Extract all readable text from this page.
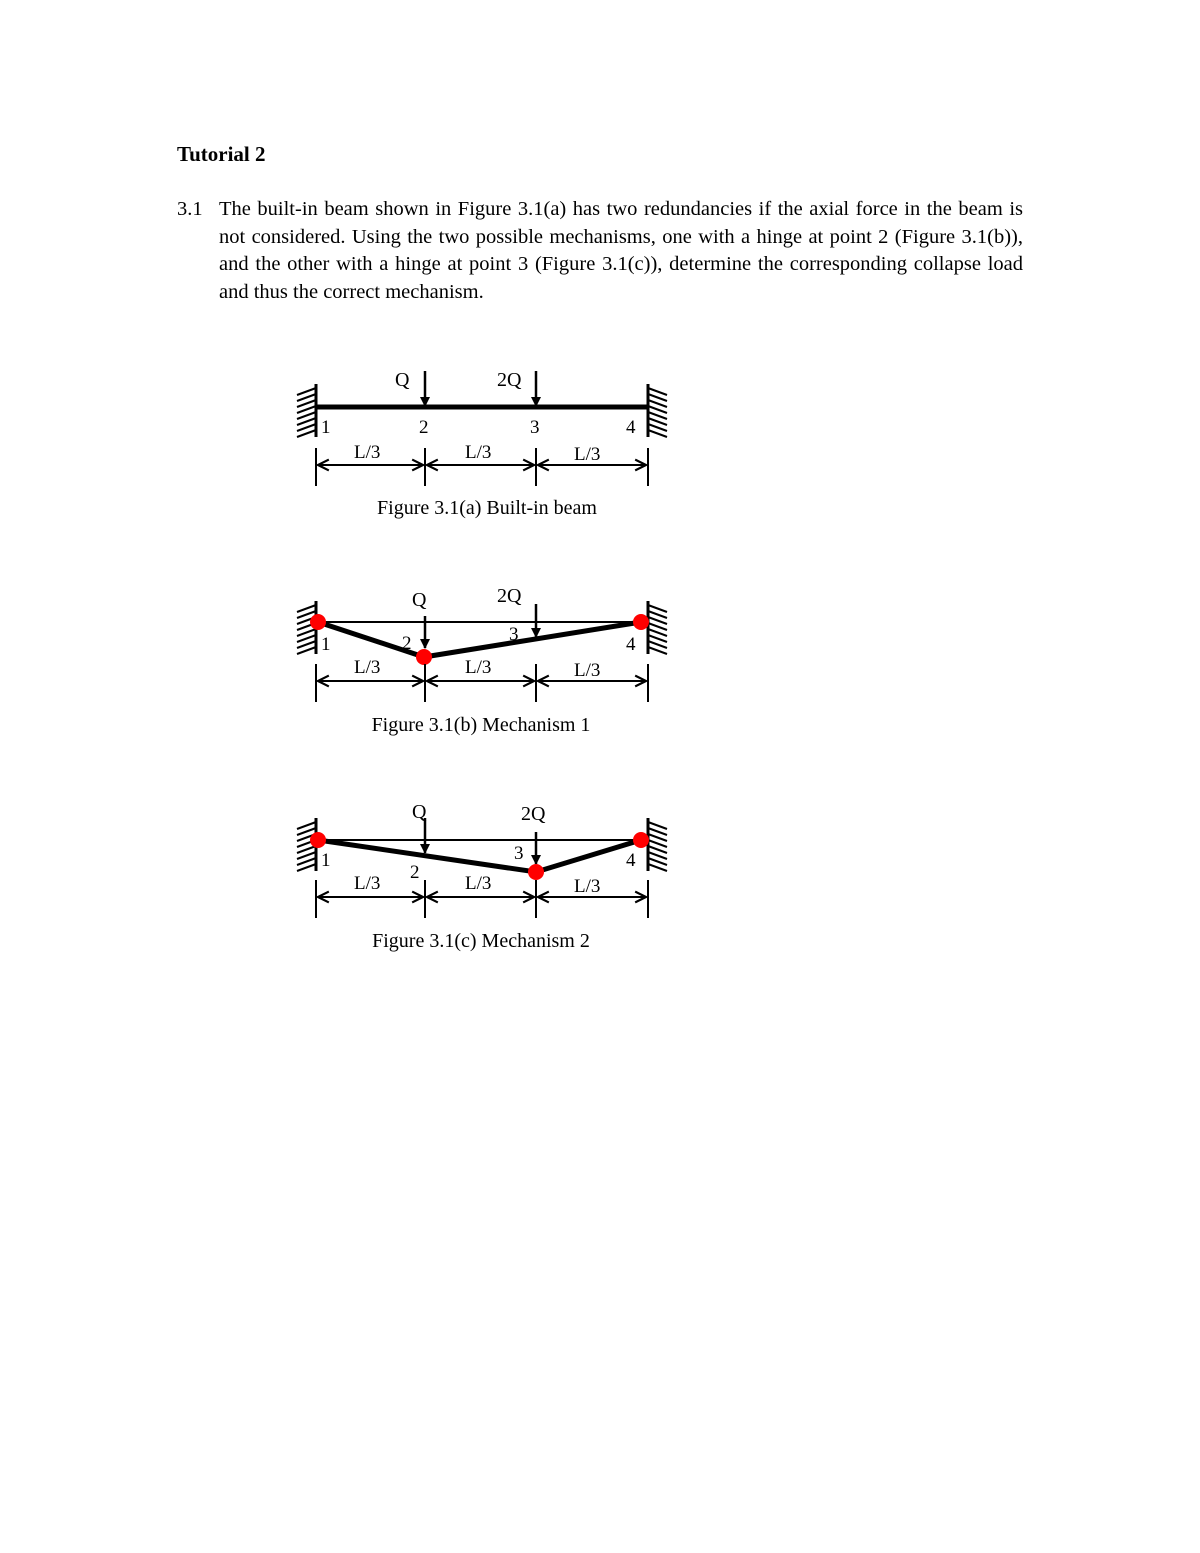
Tutorial 2
3.1 The built-in beam shown in Figure 3.1(a) has two redundancies if the axial force in the beam is not considered. Using the two possible mechanisms, one with a hinge at point 2 (Figure 3.1(b)), and the other with a hinge at point 3 (Figure 3.1(c)), determine the corresponding collapse load and thus the correct mechanism.
Q	2Q
1	2	3	4
L/3	L/3	L/3
Figure 3.1(a) Built-in beam
Q	2Q
1	2	3	4
L/3	L/3	L/3
Figure 3.1(b) Mechanism 1
Q	2Q
1
2
3	4
L/3	L/3	L/3
Figure 3.1(c) Mechanism 2
